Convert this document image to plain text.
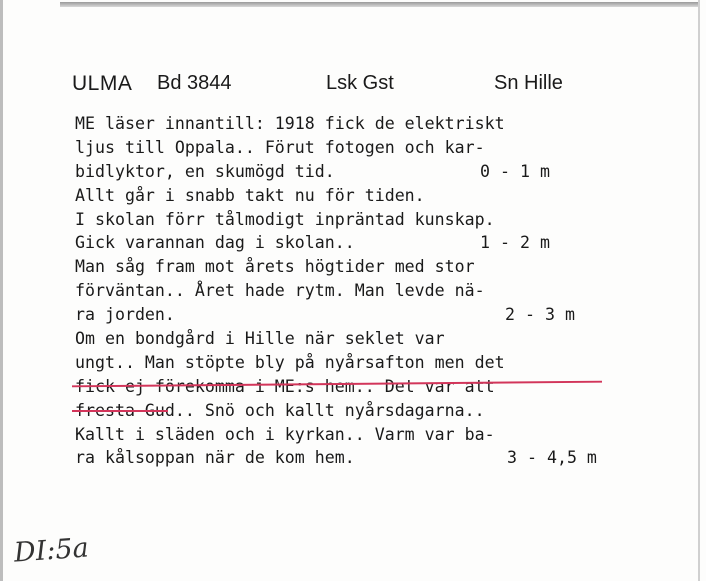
ULMA Bd 3844	Lsk Gst	Sn Hille
ME läser innantill: 1918 fick de elektriskt
ljus till Oppala.. Förut fotogen och kar-
bidlyktor, en skumögd tid.	0 - 1 m
Allt går i snabb takt nu för tiden.
I skolan förr tålmodigt inpräntad kunskap.
Gick varannan dag i skolan..	1 - 2 m
Man såg fram mot årets högtider med stor
förväntan.. Året hade rytm. Man levde nä-
ra jorden.	2 - 3 m
Om en bondgård i Hille när seklet var
ungt.. Man stöpte bly på nyårsafton men det
fick ej förekomma i ME:s hem.. Det var att
fresta Gud.. Snö och kallt nyårsdagarna..
Kallt i släden och i kyrkan.. Varm var ba-
ra kålsoppan när de kom hem.	3 - 4,5 m
DI:5a
